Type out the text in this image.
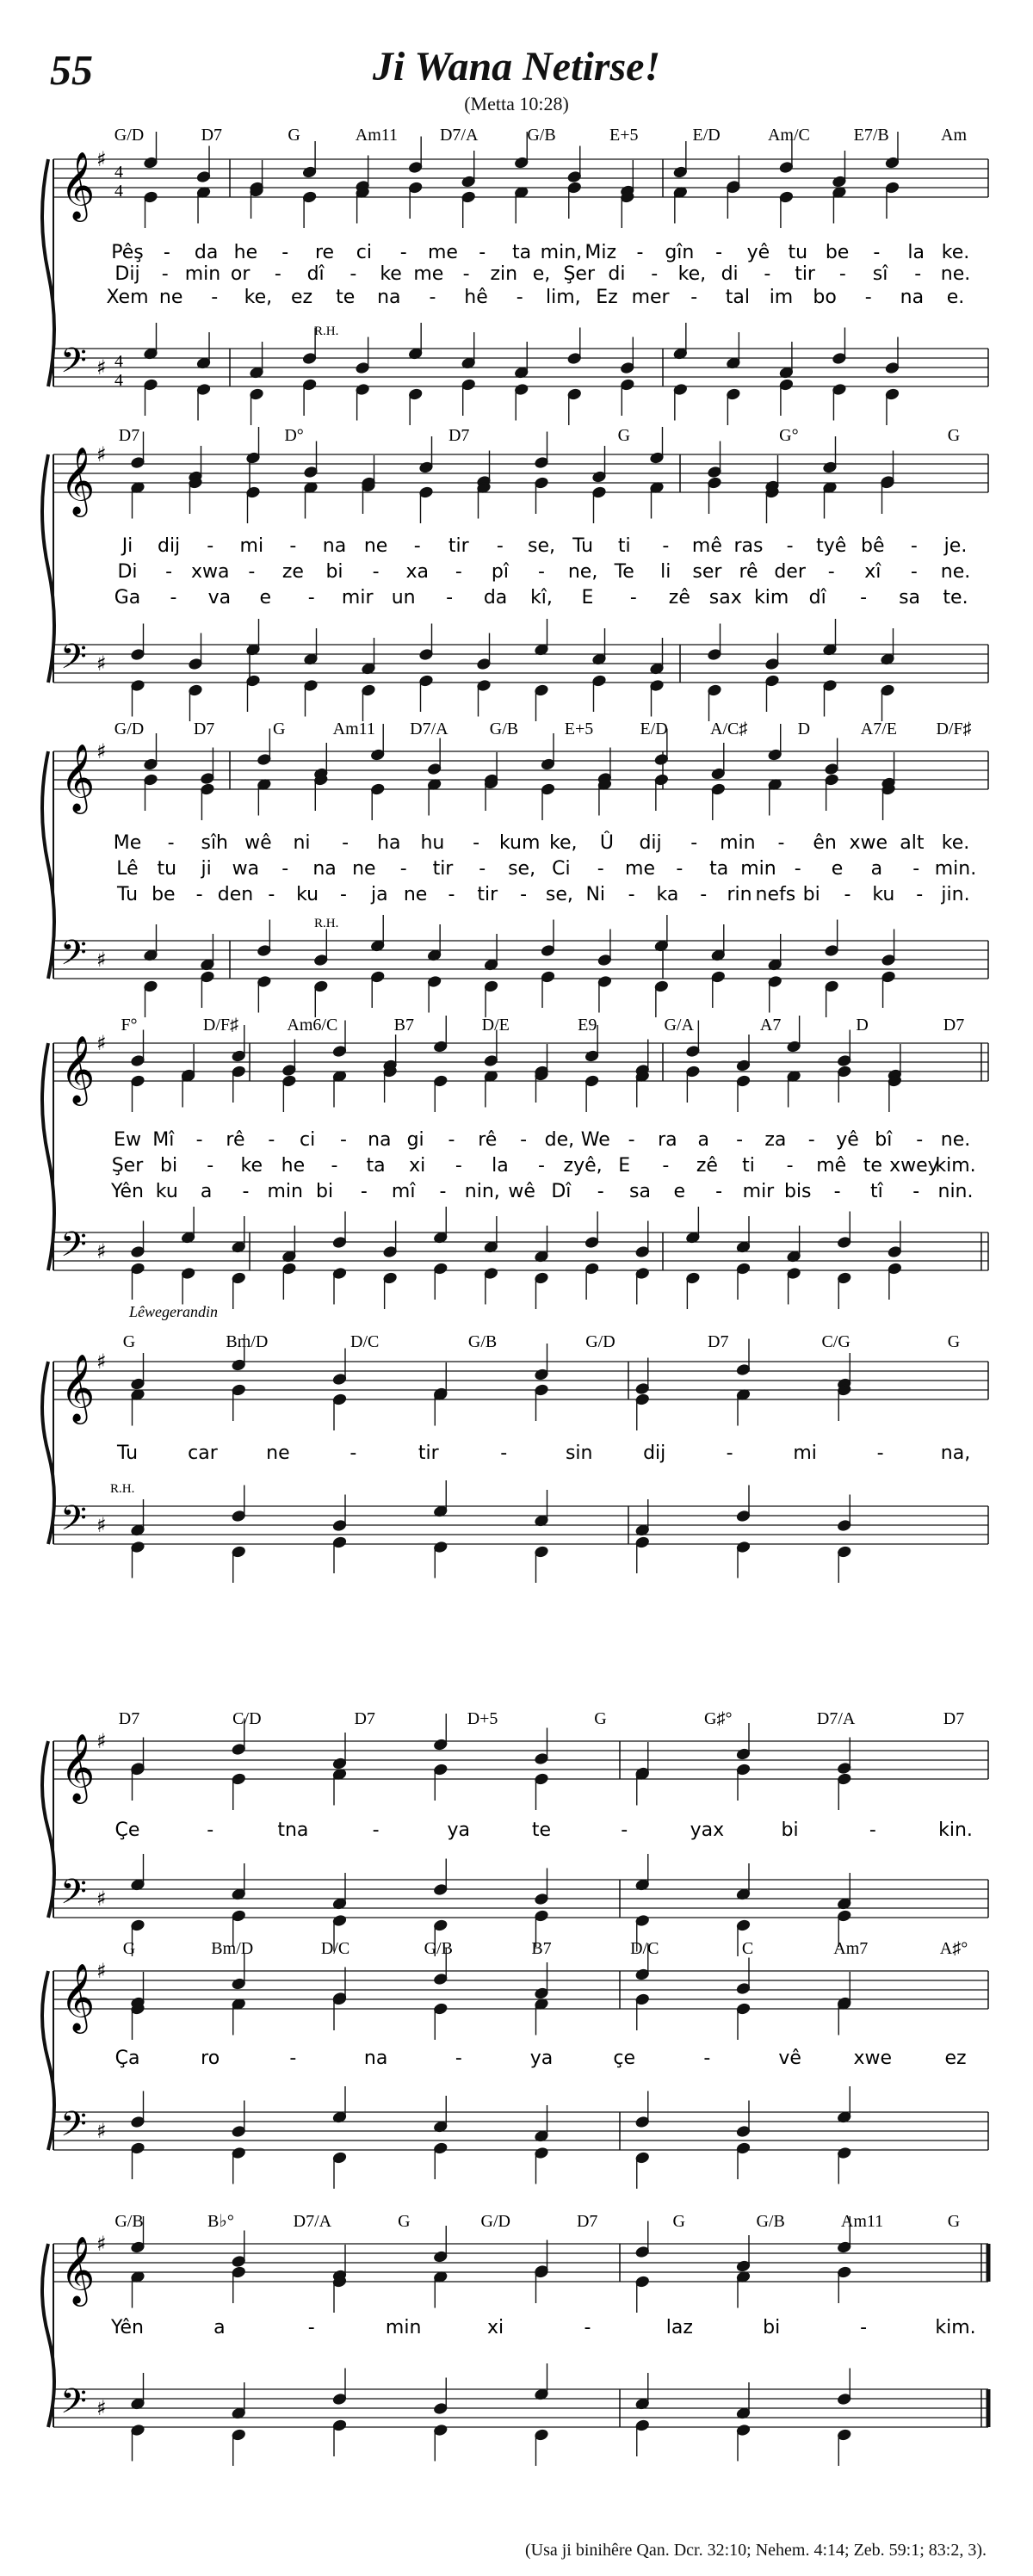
55	Ji Wana Netirse!
(Metta 10:28)
G/D	D7	G	Am11 D7/A	G/B	E+5	E/D	Am/C	E7/B	Am
𝄞
𝄢
♯
♯
4
4
4
4
R.H.
Pêş - da he - re ci - me - ta min, Miz - gîn - yê tu be - la ke.
Dij - min or - dî - ke me - zin e, Şer di - ke, di - tir - sî - ne.
Xem ne - ke, ez te na - hê - lim, Ez mer - tal im bo - na e.
D7	D°	D7	G	G°	G
𝄞
𝄢
♯
♯
Ji dij - mi - na ne - tir - se, Tu ti - mê ras - tyê bê - je.
Di - xwa - ze bi - xa - pî - ne, Te li ser rê der - xî - ne.
Ga - va e - mir un - da kî, E - zê sax kim dî - sa te.
G/D	D7	G	Am11 D7/A G/B	E+5	E/D A/C♯	D	A7/E D/F♯
𝄞
𝄢
♯
♯
R.H.
Me - sîh wê ni - ha hu - kum ke, Û dij - min - ên xwe alt ke.
Lê tu ji wa - na ne - tir - se, Ci - me - ta min - e a - min.
Tu be - den - ku - ja ne - tir - se, Ni - ka - rin nefs bi - ku - jin.
F°	D/F♯	Am6/C	B7	D/E	E9	G/A	A7	D	D7
𝄞
𝄢
♯
♯
Ew Mî - rê - ci - na gi - rê - de, We - ra a - za - yê bî - ne.
Şer bi - ke he - ta xi - la - zyê, E - zê ti - mê te xwey
kim.
Yên ku a - min bi - mî - nin, wê Dî - sa e - mir bis - tî - nin.
Lêwegerandin
G	Bm/D	D/C	G/B	G/D	D7	C/G	G
𝄞
𝄢
♯
♯
R.H.
Tu	car	ne	-	tir	-	sin	dij	-	mi	-	na,
D7	C/D	D7	D+5	G	G♯°	D7/A	D7
𝄞
𝄢
♯
♯
Çe	-	tna	-	ya	te	-	yax	bi	-	kin.
G	Bm/D	D/C	G/B	B7	D/C	C	Am7	A♯°
𝄞
𝄢
♯
♯
Ça	ro	-	na	-	ya	çe	-	vê	xwe	ez
G/B	B♭°	D7/A	G	G/D	D7	G	G/B	Am11	G
𝄞
𝄢
♯
♯
Yên	a	-	min	xi	-	laz	bi	-	kim.
(Usa ji binihêre Qan. Dcr. 32:10; Nehem. 4:14; Zeb. 59:1; 83:2, 3).
